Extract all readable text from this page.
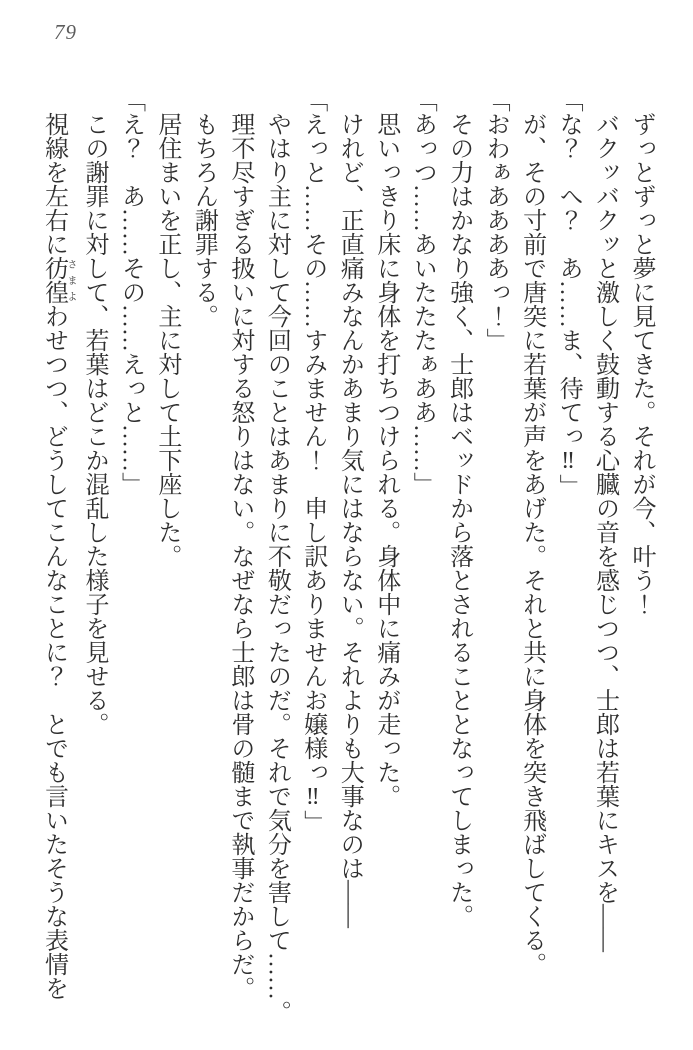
79

ずっとずっと夢に見てきた。それが今、叶う！

バクッバクッと激しく鼓動する心臓の音を感じつつ、士郎は若葉にキスを——

「な？　へ？　あ……ま、待てっ‼」

が、その寸前で唐突に若葉が声をあげた。それと共に身体を突き飛ばしてくる。

「おわぁああああっ！」

その力はかなり強く、士郎はベッドから落とされることとなってしまった。

「あっつ……あいたたたぁああ……」

思いっきり床に身体を打ちつけられる。身体中に痛みが走った。

けれど、正直痛みなんかあまり気にはならない。それよりも大事なのは——

「えっと……その……すみません！　申し訳ありませんお嬢様っ‼」

やはり主に対して今回のことはあまりに不敬だったのだ。それで気分を害して……。

理不尽すぎる扱いに対する怒りはない。なぜなら士郎は骨の髄まで執事だからだ。

もちろん謝罪する。

居住まいを正し、主に対して土下座した。

「え？　あ……その……えっと……」

この謝罪に対して、若葉はどこか混乱した様子を見せる。

視線を左右に彷徨さまよわせつつ、どうしてこんなことに？　とでも言いたそうな表情を
